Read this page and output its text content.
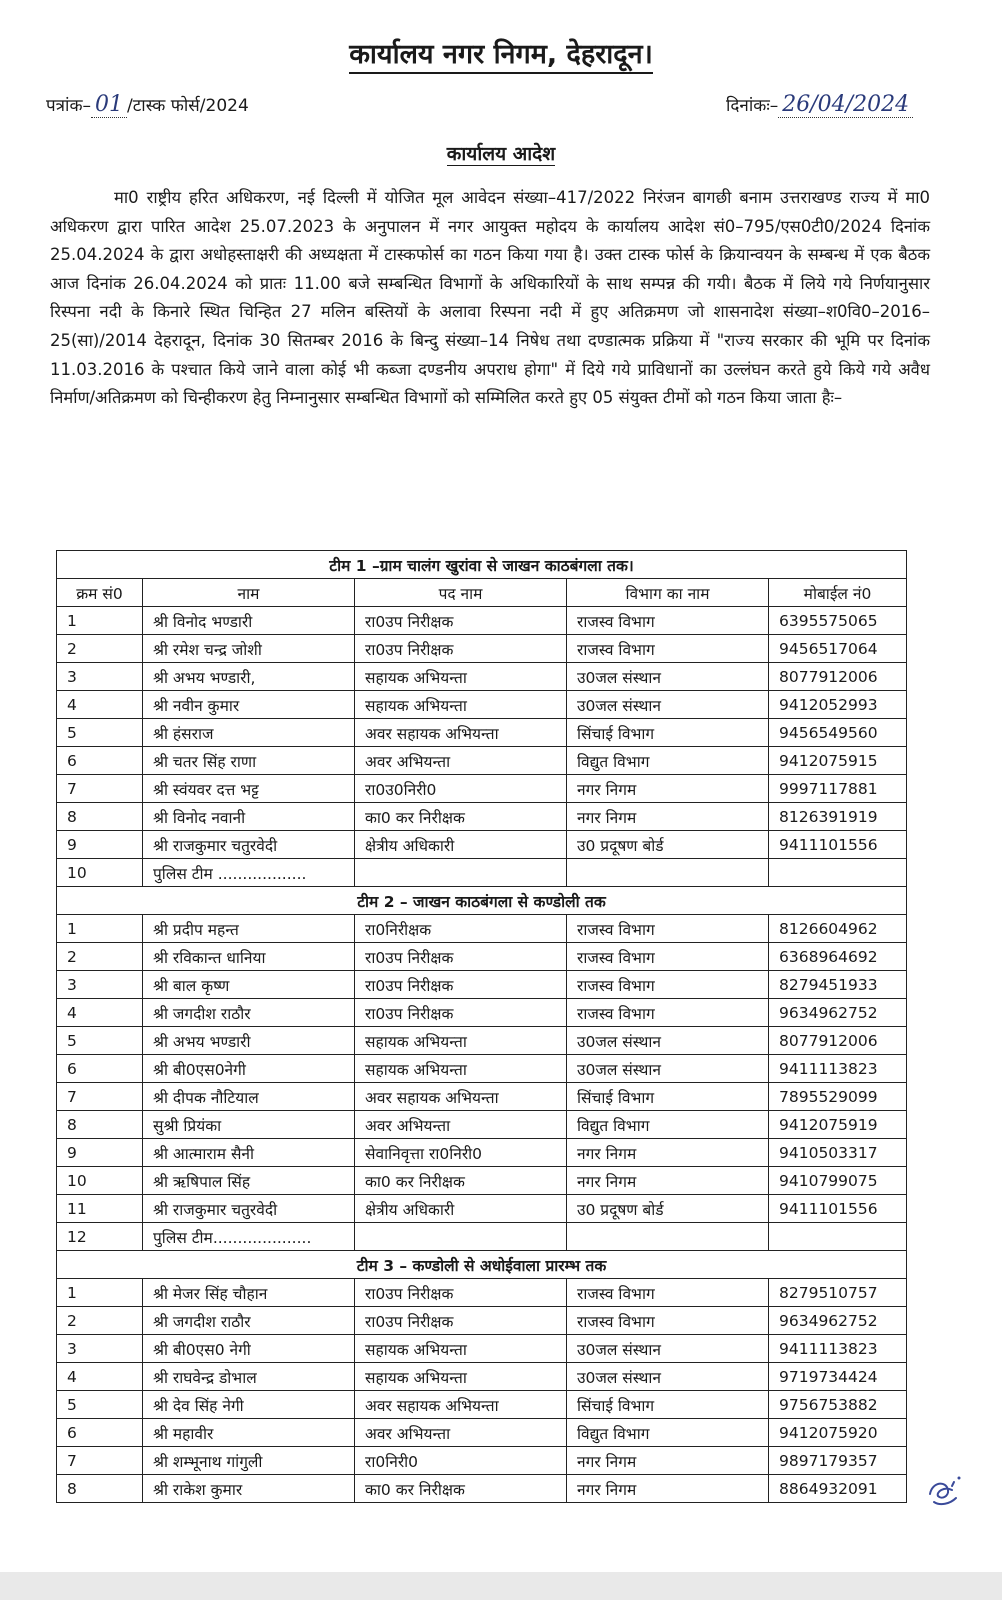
कार्यालय नगर निगम, देहरादून।
पत्रांक– 01 /टास्क फोर्स/2024	दिनांकः– 26/04/2024
कार्यालय आदेश
मा0 राष्ट्रीय हरित अधिकरण, नई दिल्ली में योजित मूल आवेदन संख्या–417/2022 निरंजन बागछी बनाम उत्तराखण्ड राज्य में मा0 अधिकरण द्वारा पारित आदेश 25.07.2023 के अनुपालन में नगर आयुक्त महोदय के कार्यालय आदेश सं0–795/एस0टी0/2024 दिनांक 25.04.2024 के द्वारा अधोहस्ताक्षरी की अध्यक्षता में टास्कफोर्स का गठन किया गया है। उक्त टास्क फोर्स के क्रियान्वयन के सम्बन्ध में एक बैठक आज दिनांक 26.04.2024 को प्रातः 11.00 बजे सम्बन्धित विभागों के अधिकारियों के साथ सम्पन्न की गयी। बैठक में लिये गये निर्णयानुसार रिस्पना नदी के किनारे स्थित चिन्हित 27 मलिन बस्तियों के अलावा रिस्पना नदी में हुए अतिक्रमण जो शासनादेश संख्या–श0वि0–2016–25(सा)/2014 देहरादून, दिनांक 30 सितम्बर 2016 के बिन्दु संख्या–14 निषेध तथा दण्डात्मक प्रक्रिया में "राज्य सरकार की भूमि पर दिनांक 11.03.2016 के पश्चात किये जाने वाला कोई भी कब्जा दण्डनीय अपराध होगा" में दिये गये प्राविधानों का उल्लंघन करते हुये किये गये अवैध निर्माण/अतिक्रमण को चिन्हीकरण हेतु निम्नानुसार सम्बन्धित विभागों को सम्मिलित करते हुए 05 संयुक्त टीमों को गठन किया जाता हैः–
टीम 1 –ग्राम चालंग खुरांवा से जाखन काठबंगला तक।				
क्रम सं0	नाम	पद नाम	विभाग का नाम	मोबाईल नं0
1	श्री विनोद भण्डारी	रा0उप निरीक्षक	राजस्व विभाग	6395575065
2	श्री रमेश चन्द्र जोशी	रा0उप निरीक्षक	राजस्व विभाग	9456517064
3	श्री अभय भण्डारी,	सहायक अभियन्ता	उ0जल संस्थान	8077912006
4	श्री नवीन कुमार	सहायक अभियन्ता	उ0जल संस्थान	9412052993
5	श्री हंसराज	अवर सहायक अभियन्ता	सिंचाई विभाग	9456549560
6	श्री चतर सिंह राणा	अवर अभियन्ता	विद्युत विभाग	9412075915
7	श्री स्वंयवर दत्त भट्ट	रा0उ0निरी0	नगर निगम	9997117881
8	श्री विनोद नवानी	का0 कर निरीक्षक	नगर निगम	8126391919
9	श्री राजकुमार चतुरवेदी	क्षेत्रीय अधिकारी	उ0 प्रदूषण बोर्ड	9411101556
10	पुलिस टीम ..................			
टीम 2 – जाखन काठबंगला से कण्डोली तक				
1	श्री प्रदीप महन्त	रा0निरीक्षक	राजस्व विभाग	8126604962
2	श्री रविकान्त धानिया	रा0उप निरीक्षक	राजस्व विभाग	6368964692
3	श्री बाल कृष्ण	रा0उप निरीक्षक	राजस्व विभाग	8279451933
4	श्री जगदीश राठौर	रा0उप निरीक्षक	राजस्व विभाग	9634962752
5	श्री अभय भण्डारी	सहायक अभियन्ता	उ0जल संस्थान	8077912006
6	श्री बी0एस0नेगी	सहायक अभियन्ता	उ0जल संस्थान	9411113823
7	श्री दीपक नौटियाल	अवर सहायक अभियन्ता	सिंचाई विभाग	7895529099
8	सुश्री प्रियंका	अवर अभियन्ता	विद्युत विभाग	9412075919
9	श्री आत्माराम सैनी	सेवानिवृत्ता रा0निरी0	नगर निगम	9410503317
10	श्री ऋषिपाल सिंह	का0 कर निरीक्षक	नगर निगम	9410799075
11	श्री राजकुमार चतुरवेदी	क्षेत्रीय अधिकारी	उ0 प्रदूषण बोर्ड	9411101556
12	पुलिस टीम....................			
टीम 3 – कण्डोली से अधोईवाला प्रारम्भ तक				
1	श्री मेजर सिंह चौहान	रा0उप निरीक्षक	राजस्व विभाग	8279510757
2	श्री जगदीश राठौर	रा0उप निरीक्षक	राजस्व विभाग	9634962752
3	श्री बी0एस0 नेगी	सहायक अभियन्ता	उ0जल संस्थान	9411113823
4	श्री राघवेन्द्र डोभाल	सहायक अभियन्ता	उ0जल संस्थान	9719734424
5	श्री देव सिंह नेगी	अवर सहायक अभियन्ता	सिंचाई विभाग	9756753882
6	श्री महावीर	अवर अभियन्ता	विद्युत विभाग	9412075920
7	श्री शम्भूनाथ गांगुली	रा0निरी0	नगर निगम	9897179357
8	श्री राकेश कुमार	का0 कर निरीक्षक	नगर निगम	8864932091
